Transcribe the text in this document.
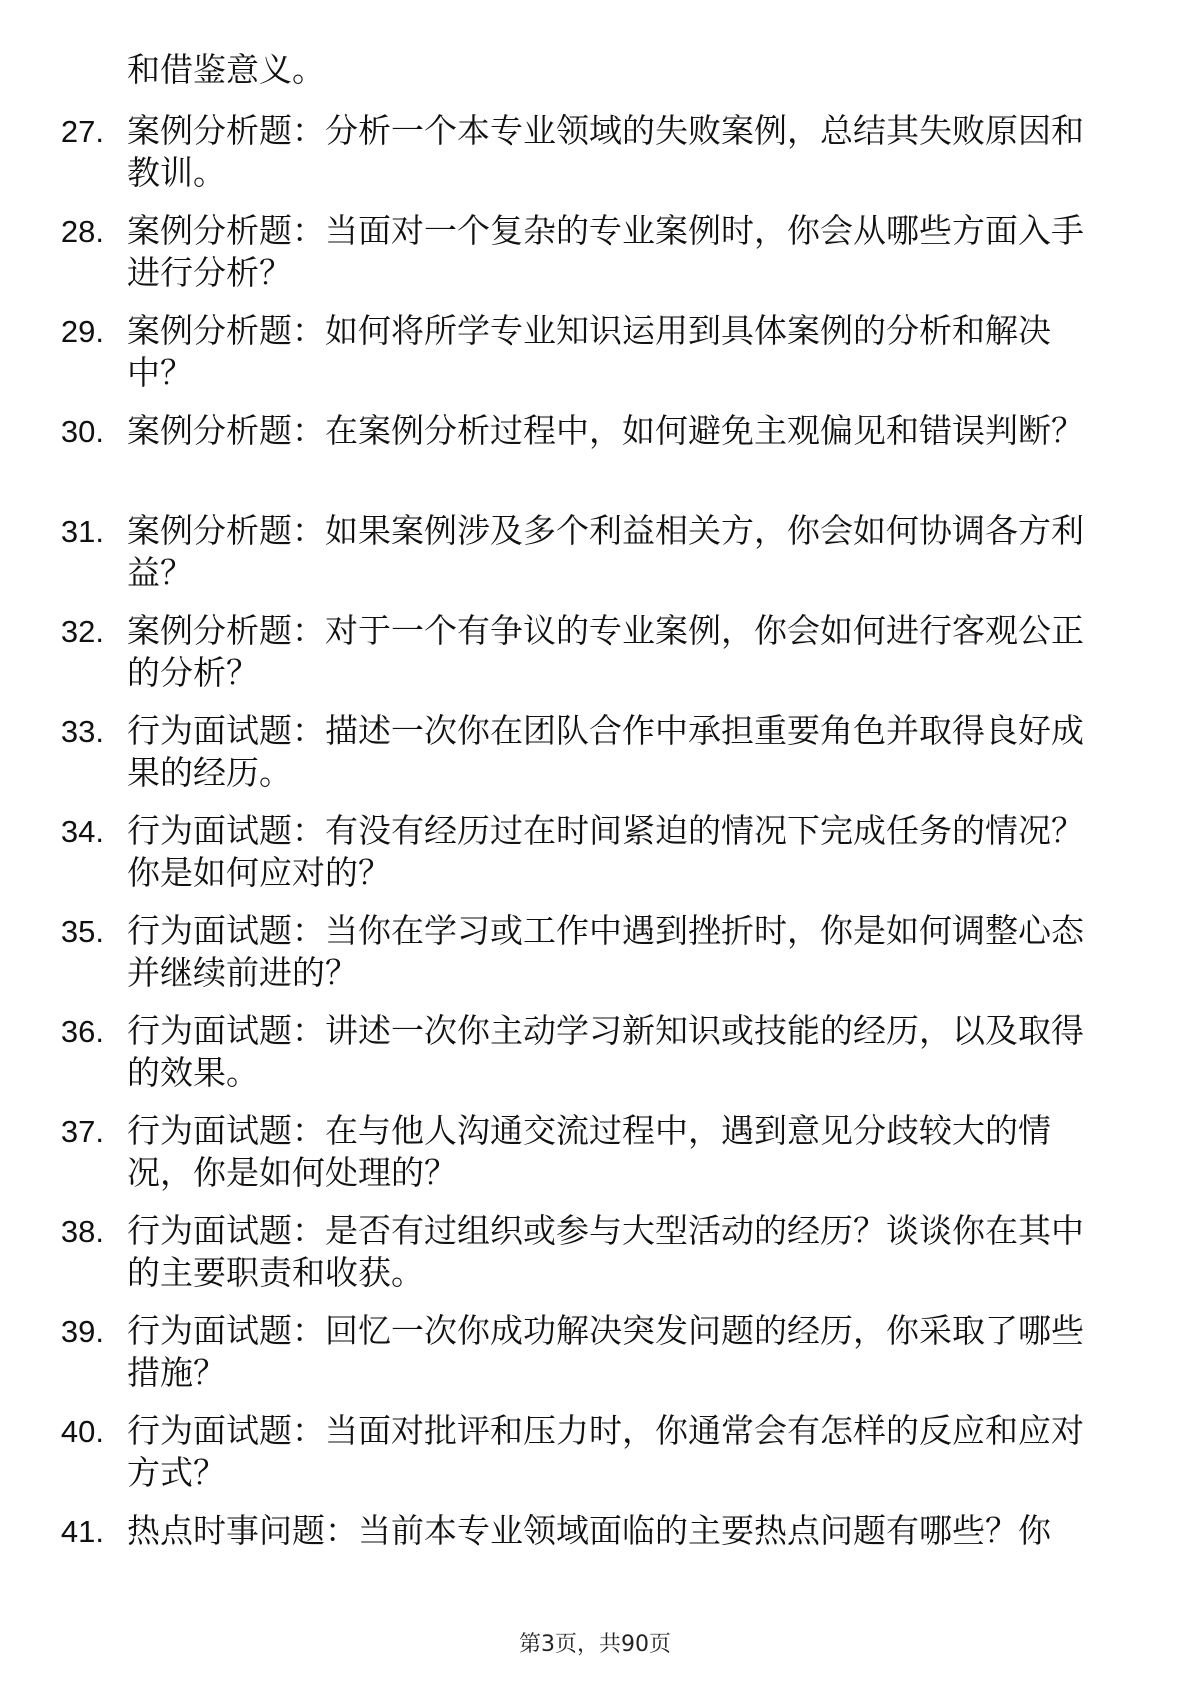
和借鉴意义。
27. 案例分析题：分析一个本专业领域的失败案例，总结其失败原因和教训。
28. 案例分析题：当面对一个复杂的专业案例时，你会从哪些方面入手进行分析？
29. 案例分析题：如何将所学专业知识运用到具体案例的分析和解决中？
30. 案例分析题：在案例分析过程中，如何避免主观偏见和错误判断？
31. 案例分析题：如果案例涉及多个利益相关方，你会如何协调各方利益？
32. 案例分析题：对于一个有争议的专业案例，你会如何进行客观公正的分析？
33. 行为面试题：描述一次你在团队合作中承担重要角色并取得良好成果的经历。
34. 行为面试题：有没有经历过在时间紧迫的情况下完成任务的情况？你是如何应对的？
35. 行为面试题：当你在学习或工作中遇到挫折时，你是如何调整心态并继续前进的？
36. 行为面试题：讲述一次你主动学习新知识或技能的经历，以及取得的效果。
37. 行为面试题：在与他人沟通交流过程中，遇到意见分歧较大的情况，你是如何处理的？
38. 行为面试题：是否有过组织或参与大型活动的经历？谈谈你在其中的主要职责和收获。
39. 行为面试题：回忆一次你成功解决突发问题的经历，你采取了哪些措施？
40. 行为面试题：当面对批评和压力时，你通常会有怎样的反应和应对方式？
41. 热点时事问题：当前本专业领域面临的主要热点问题有哪些？你
第3页，共90页
